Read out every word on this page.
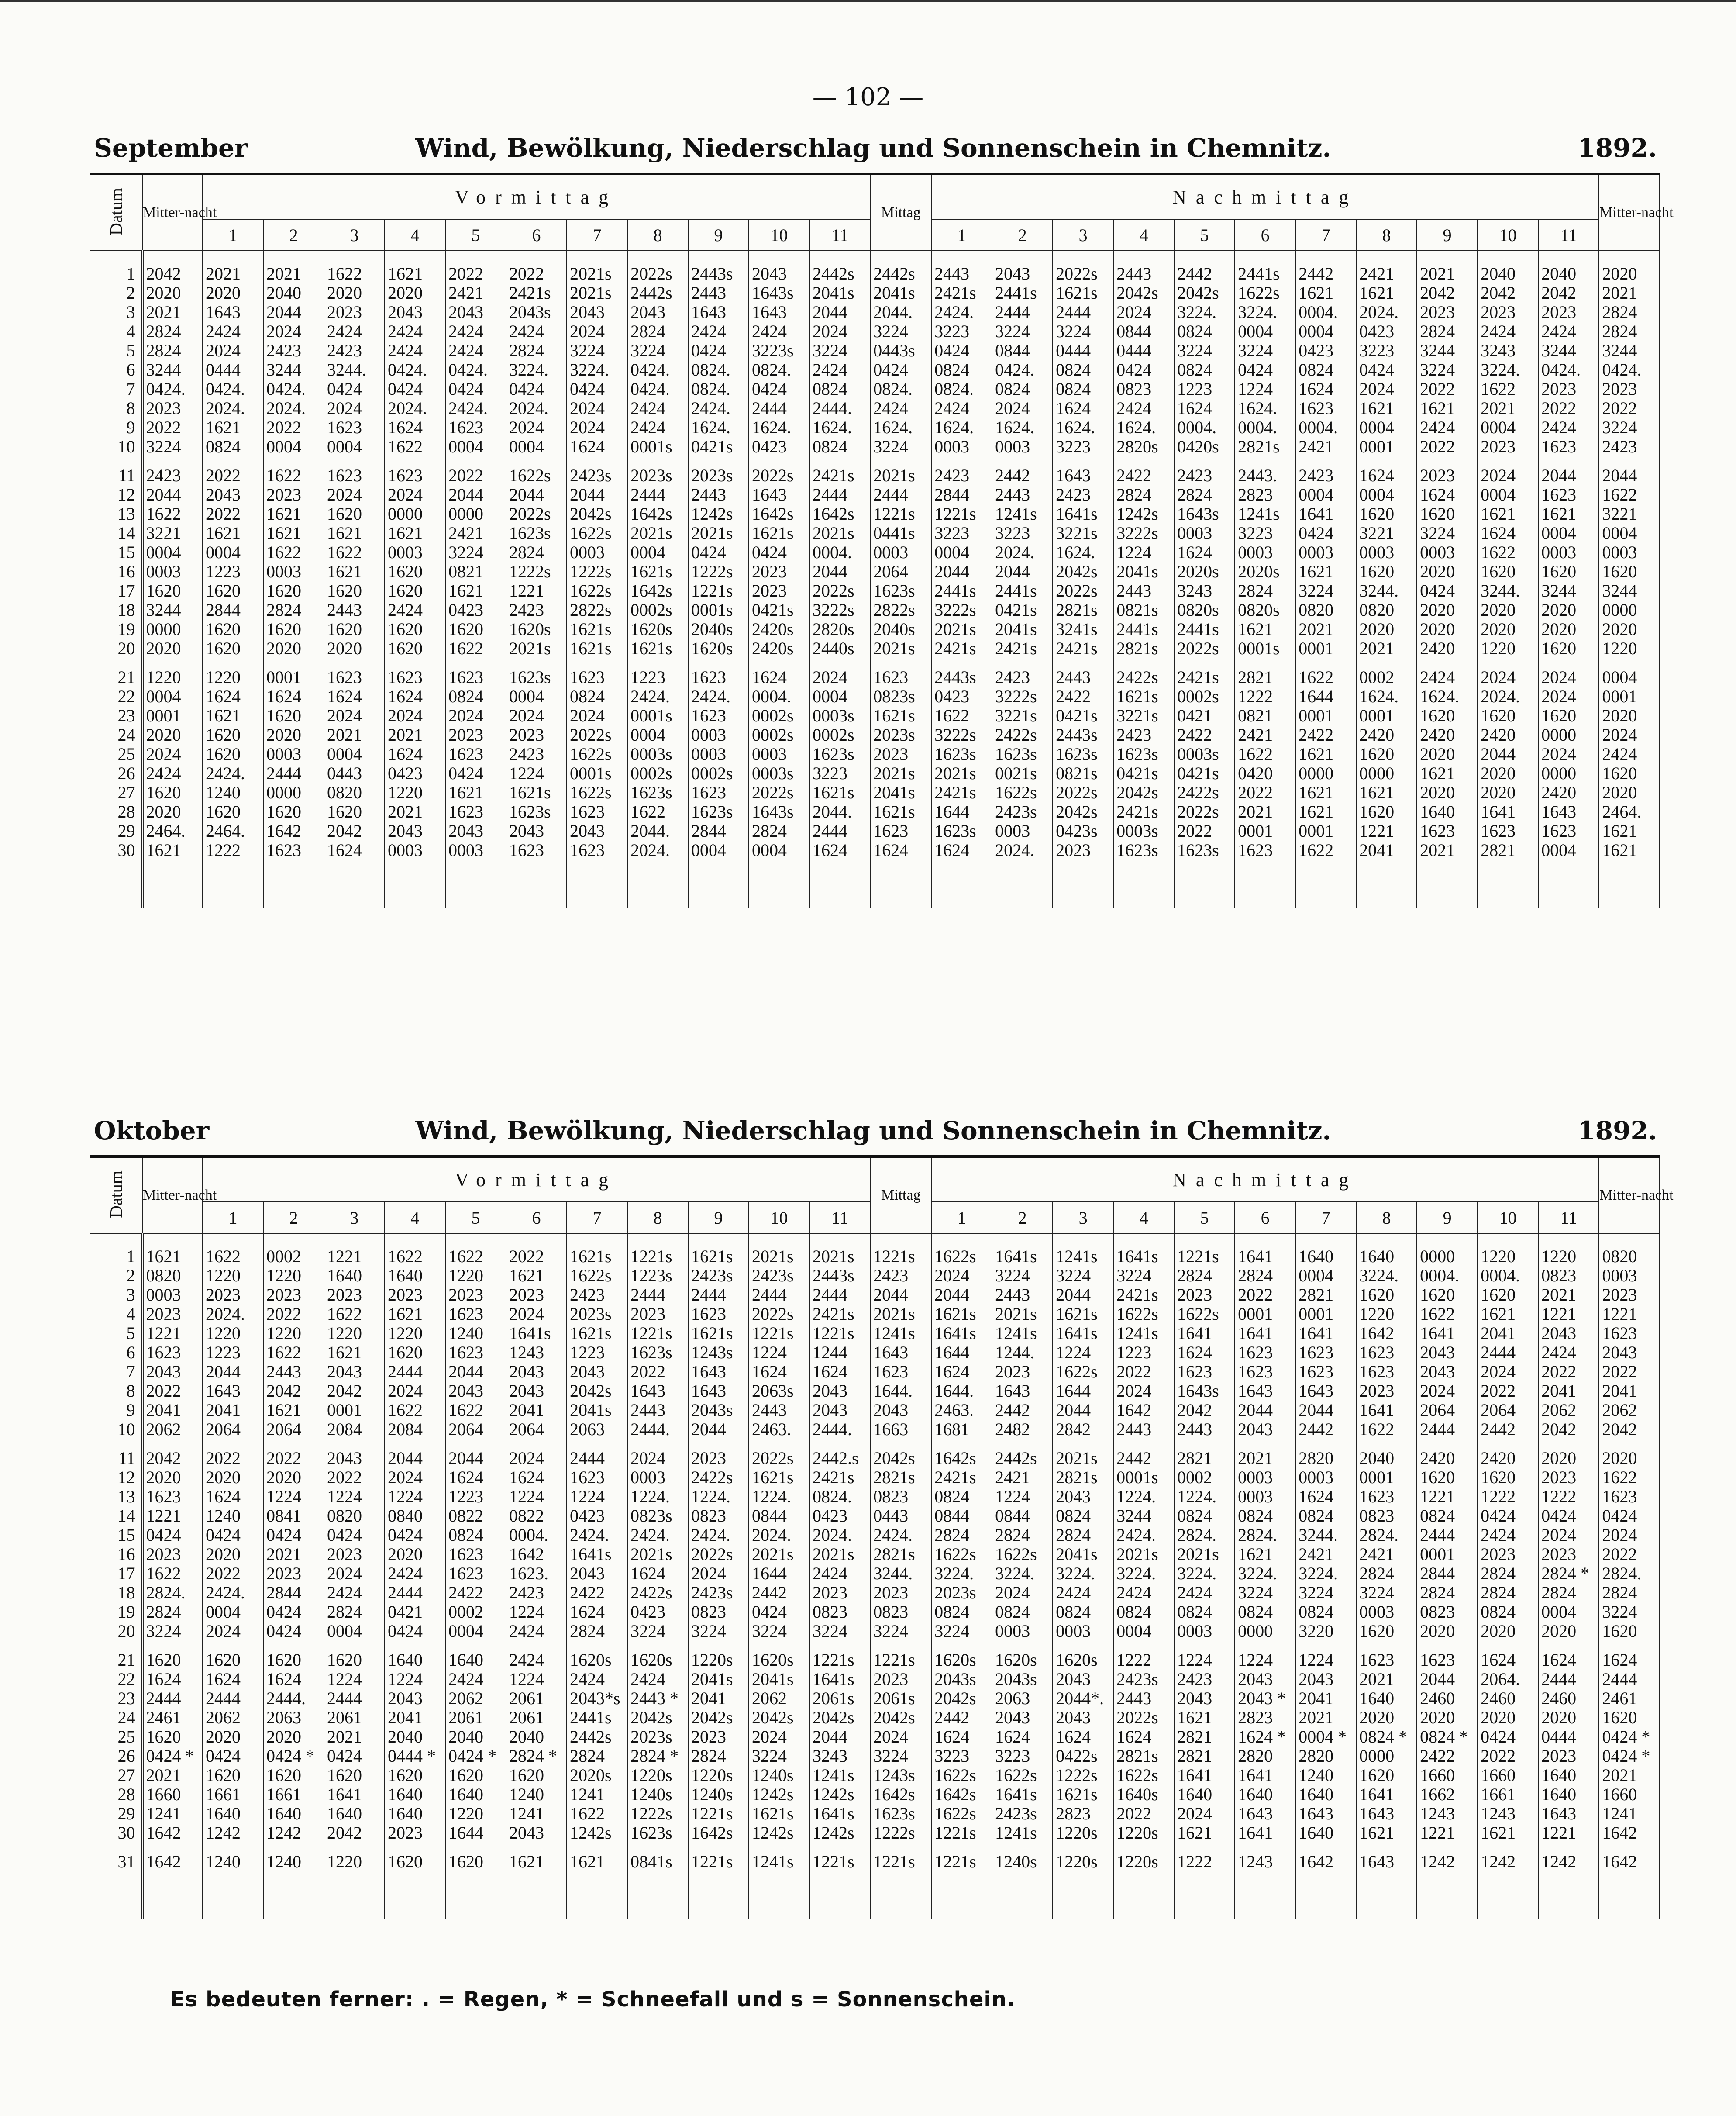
— 102 —
September	Wind, Bewölkung, Niederschlag und Sonnenschein in Chemnitz.	1892.
Datum	Mitter-nacht	Vormittag											Mittag	Nachmittag											Mitter-nacht
		1	2	3	4	5	6	7	8	9	10	11		1	2	3	4	5	6	7	8	9	10	11	
1	2042	2021	2021	1622	1621	2022	2022	2021s	2022s	2443s	2043	2442s	2442s	2443	2043	2022s	2443	2442	2441s	2442	2421	2021	2040	2040	2020
2	2020	2020	2040	2020	2020	2421	2421s	2021s	2442s	2443	1643s	2041s	2041s	2421s	2441s	1621s	2042s	2042s	1622s	1621	1621	2042	2042	2042	2021
3	2021	1643	2044	2023	2043	2043	2043s	2043	2043	1643	1643	2044	2044.	2424.	2444	2444	2024	3224.	3224.	0004.	2024.	2023	2023	2023	2824
4	2824	2424	2024	2424	2424	2424	2424	2024	2824	2424	2424	2024	3224	3223	3224	3224	0844	0824	0004	0004	0423	2824	2424	2424	2824
5	2824	2024	2423	2423	2424	2424	2824	3224	3224	0424	3223s	3224	0443s	0424	0844	0444	0444	3224	3224	0423	3223	3244	3243	3244	3244
6	3244	0444	3244	3244.	0424.	0424.	3224.	3224.	0424.	0824.	0824.	2424	0424	0824	0424.	0824	0424	0824	0424	0824	0424	3224	3224.	0424.	0424.
7	0424.	0424.	0424.	0424	0424	0424	0424	0424	0424.	0824.	0424	0824	0824.	0824.	0824	0824	0823	1223	1224	1624	2024	2022	1622	2023	2023
8	2023	2024.	2024.	2024	2024.	2424.	2024.	2024	2424	2424.	2444	2444.	2424	2424	2024	1624	2424	1624	1624.	1623	1621	1621	2021	2022	2022
9	2022	1621	2022	1623	1624	1623	2024	2024	2424	1624.	1624.	1624.	1624.	1624.	1624.	1624.	1624.	0004.	0004.	0004.	0004	2424	0004	2424	3224
10	3224	0824	0004	0004	1622	0004	0004	1624	0001s	0421s	0423	0824	3224	0003	0003	3223	2820s	0420s	2821s	2421	0001	2022	2023	1623	2423

11	2423	2022	1622	1623	1623	2022	1622s	2423s	2023s	2023s	2022s	2421s	2021s	2423	2442	1643	2422	2423	2443.	2423	1624	2023	2024	2044	2044
12	2044	2043	2023	2024	2024	2044	2044	2044	2444	2443	1643	2444	2444	2844	2443	2423	2824	2824	2823	0004	0004	1624	0004	1623	1622
13	1622	2022	1621	1620	0000	0000	2022s	2042s	1642s	1242s	1642s	1642s	1221s	1221s	1241s	1641s	1242s	1643s	1241s	1641	1620	1620	1621	1621	3221
14	3221	1621	1621	1621	1621	2421	1623s	1622s	2021s	2021s	1621s	2021s	0441s	3223	3223	3221s	3222s	0003	3223	0424	3221	3224	1624	0004	0004
15	0004	0004	1622	1622	0003	3224	2824	0003	0004	0424	0424	0004.	0003	0004	2024.	1624.	1224	1624	0003	0003	0003	0003	1622	0003	0003
16	0003	1223	0003	1621	1620	0821	1222s	1222s	1621s	1222s	2023	2044	2064	2044	2044	2042s	2041s	2020s	2020s	1621	1620	2020	1620	1620	1620
17	1620	1620	1620	1620	1620	1621	1221	1622s	1642s	1221s	2023	2022s	1623s	2441s	2441s	2022s	2443	3243	2824	3224	3244.	0424	3244.	3244	3244
18	3244	2844	2824	2443	2424	0423	2423	2822s	0002s	0001s	0421s	3222s	2822s	3222s	0421s	2821s	0821s	0820s	0820s	0820	0820	2020	2020	2020	0000
19	0000	1620	1620	1620	1620	1620	1620s	1621s	1620s	2040s	2420s	2820s	2040s	2021s	2041s	3241s	2441s	2441s	1621	2021	2020	2020	2020	2020	2020
20	2020	1620	2020	2020	1620	1622	2021s	1621s	1621s	1620s	2420s	2440s	2021s	2421s	2421s	2421s	2821s	2022s	0001s	0001	2021	2420	1220	1620	1220

21	1220	1220	0001	1623	1623	1623	1623s	1623	1223	1623	1624	2024	1623	2443s	2423	2443	2422s	2421s	2821	1622	0002	2424	2024	2024	0004
22	0004	1624	1624	1624	1624	0824	0004	0824	2424.	2424.	0004.	0004	0823s	0423	3222s	2422	1621s	0002s	1222	1644	1624.	1624.	2024.	2024	0001
23	0001	1621	1620	2024	2024	2024	2024	2024	0001s	1623	0002s	0003s	1621s	1622	3221s	0421s	3221s	0421	0821	0001	0001	1620	1620	1620	2020
24	2020	1620	2020	2021	2021	2023	2023	2022s	0004	0003	0002s	0002s	2023s	3222s	2422s	2443s	2423	2422	2421	2422	2420	2420	2420	0000	2024
25	2024	1620	0003	0004	1624	1623	2423	1622s	0003s	0003	0003	1623s	2023	1623s	1623s	1623s	1623s	0003s	1622	1621	1620	2020	2044	2024	2424
26	2424	2424.	2444	0443	0423	0424	1224	0001s	0002s	0002s	0003s	3223	2021s	2021s	0021s	0821s	0421s	0421s	0420	0000	0000	1621	2020	0000	1620
27	1620	1240	0000	0820	1220	1621	1621s	1622s	1623s	1623	2022s	1621s	2041s	2421s	1622s	2022s	2042s	2422s	2022	1621	1621	2020	2020	2420	2020
28	2020	1620	1620	1620	2021	1623	1623s	1623	1622	1623s	1643s	2044.	1621s	1644	2423s	2042s	2421s	2022s	2021	1621	1620	1640	1641	1643	2464.
29	2464.	2464.	1642	2042	2043	2043	2043	2043	2044.	2844	2824	2444	1623	1623s	0003	0423s	0003s	2022	0001	0001	1221	1623	1623	1623	1621
30	1621	1222	1623	1624	0003	0003	1623	1623	2024.	0004	0004	1624	1624	1624	2024.	2023	1623s	1623s	1623	1622	2041	2021	2821	0004	1621
Oktober	Wind, Bewölkung, Niederschlag und Sonnenschein in Chemnitz.	1892.
Datum	Mitter-nacht	Vormittag											Mittag	Nachmittag											Mitter-nacht
		1	2	3	4	5	6	7	8	9	10	11		1	2	3	4	5	6	7	8	9	10	11	
1	1621	1622	0002	1221	1622	1622	2022	1621s	1221s	1621s	2021s	2021s	1221s	1622s	1641s	1241s	1641s	1221s	1641	1640	1640	0000	1220	1220	0820
2	0820	1220	1220	1640	1640	1220	1621	1622s	1223s	2423s	2423s	2443s	2423	2024	3224	3224	3224	2824	2824	0004	3224.	0004.	0004.	0823	0003
3	0003	2023	2023	2023	2023	2023	2023	2423	2444	2444	2444	2444	2044	2044	2443	2044	2421s	2023	2022	2821	1620	1620	1620	2021	2023
4	2023	2024.	2022	1622	1621	1623	2024	2023s	2023	1623	2022s	2421s	2021s	1621s	2021s	1621s	1622s	1622s	0001	0001	1220	1622	1621	1221	1221
5	1221	1220	1220	1220	1220	1240	1641s	1621s	1221s	1621s	1221s	1221s	1241s	1641s	1241s	1641s	1241s	1641	1641	1641	1642	1641	2041	2043	1623
6	1623	1223	1622	1621	1620	1623	1243	1223	1623s	1243s	1224	1244	1643	1644	1244.	1224	1223	1624	1623	1623	1623	2043	2444	2424	2043
7	2043	2044	2443	2043	2444	2044	2043	2043	2022	1643	1624	1624	1623	1624	2023	1622s	2022	1623	1623	1623	1623	2043	2024	2022	2022
8	2022	1643	2042	2042	2024	2043	2043	2042s	1643	1643	2063s	2043	1644.	1644.	1643	1644	2024	1643s	1643	1643	2023	2024	2022	2041	2041
9	2041	2041	1621	0001	1622	1622	2041	2041s	2443	2043s	2443	2043	2043	2463.	2442	2044	1642	2042	2044	2044	1641	2064	2064	2062	2062
10	2062	2064	2064	2084	2084	2064	2064	2063	2444.	2044	2463.	2444.	1663	1681	2482	2842	2443	2443	2043	2442	1622	2444	2442	2042	2042

11	2042	2022	2022	2043	2044	2044	2024	2444	2024	2023	2022s	2442.s	2042s	1642s	2442s	2021s	2442	2821	2021	2820	2040	2420	2420	2020	2020
12	2020	2020	2020	2022	2024	1624	1624	1623	0003	2422s	1621s	2421s	2821s	2421s	2421	2821s	0001s	0002	0003	0003	0001	1620	1620	2023	1622
13	1623	1624	1224	1224	1224	1223	1224	1224	1224.	1224.	1224.	0824.	0823	0824	1224	2043	1224.	1224.	0003	1624	1623	1221	1222	1222	1623
14	1221	1240	0841	0820	0840	0822	0822	0423	0823s	0823	0844	0423	0443	0844	0844	0824	3244	0824	0824	0824	0823	0824	0424	0424	0424
15	0424	0424	0424	0424	0424	0824	0004.	2424.	2424.	2424.	2024.	2024.	2424.	2824	2824	2824	2424.	2824.	2824.	3244.	2824.	2444	2424	2024	2024
16	2023	2020	2021	2023	2020	1623	1642	1641s	2021s	2022s	2021s	2021s	2821s	1622s	1622s	2041s	2021s	2021s	1621	2421	2421	0001	2023	2023	2022
17	1622	2022	2023	2024	2424	1623	1623.	2043	1624	2024	1644	2424	3244.	3224.	3224.	3224.	3224.	3224.	3224.	3224.	2824	2844	2824	2824 *	2824.
18	2824.	2424.	2844	2424	2444	2422	2423	2422	2422s	2423s	2442	2023	2023	2023s	2024	2424	2424	2424	3224	3224	3224	2824	2824	2824	2824
19	2824	0004	0424	2824	0421	0002	1224	1624	0423	0823	0424	0823	0823	0824	0824	0824	0824	0824	0824	0824	0003	0823	0824	0004	3224
20	3224	2024	0424	0004	0424	0004	2424	2824	3224	3224	3224	3224	3224	3224	0003	0003	0004	0003	0000	3220	1620	2020	2020	2020	1620

21	1620	1620	1620	1620	1640	1640	2424	1620s	1620s	1220s	1620s	1221s	1221s	1620s	1620s	1620s	1222	1224	1224	1224	1623	1623	1624	1624	1624
22	1624	1624	1624	1224	1224	2424	1224	2424	2424	2041s	2041s	1641s	2023	2043s	2043s	2043	2423s	2423	2043	2043	2021	2044	2064.	2444	2444
23	2444	2444	2444.	2444	2043	2062	2061	2043*s	2443 *	2041	2062	2061s	2061s	2042s	2063	2044*.	2443	2043	2043 *	2041	1640	2460	2460	2460	2461
24	2461	2062	2063	2061	2041	2061	2061	2441s	2042s	2042s	2042s	2042s	2042s	2442	2043	2043	2022s	1621	2823	2021	2020	2020	2020	2020	1620
25	1620	2020	2020	2021	2040	2040	2040	2442s	2023s	2023	2024	2044	2024	1624	1624	1624	1624	2821	1624 *	0004 *	0824 *	0824 *	0424	0444	0424 *
26	0424 *	0424	0424 *	0424	0444 *	0424 *	2824 *	2824	2824 *	2824	3224	3243	3224	3223	3223	0422s	2821s	2821	2820	2820	0000	2422	2022	2023	0424 *
27	2021	1620	1620	1620	1620	1620	1620	2020s	1220s	1220s	1240s	1241s	1243s	1622s	1622s	1222s	1622s	1641	1641	1240	1620	1660	1660	1640	2021
28	1660	1661	1661	1641	1640	1640	1240	1241	1240s	1240s	1242s	1242s	1642s	1642s	1641s	1621s	1640s	1640	1640	1640	1641	1662	1661	1640	1660
29	1241	1640	1640	1640	1640	1220	1241	1622	1222s	1221s	1621s	1641s	1623s	1622s	2423s	2823	2022	2024	1643	1643	1643	1243	1243	1643	1241
30	1642	1242	1242	2042	2023	1644	2043	1242s	1623s	1642s	1242s	1242s	1222s	1221s	1241s	1220s	1220s	1621	1641	1640	1621	1221	1621	1221	1642

31	1642	1240	1240	1220	1620	1620	1621	1621	0841s	1221s	1241s	1221s	1221s	1221s	1240s	1220s	1220s	1222	1243	1642	1643	1242	1242	1242	1642
Es bedeuten ferner: . = Regen, * = Schneefall und s = Sonnenschein.
